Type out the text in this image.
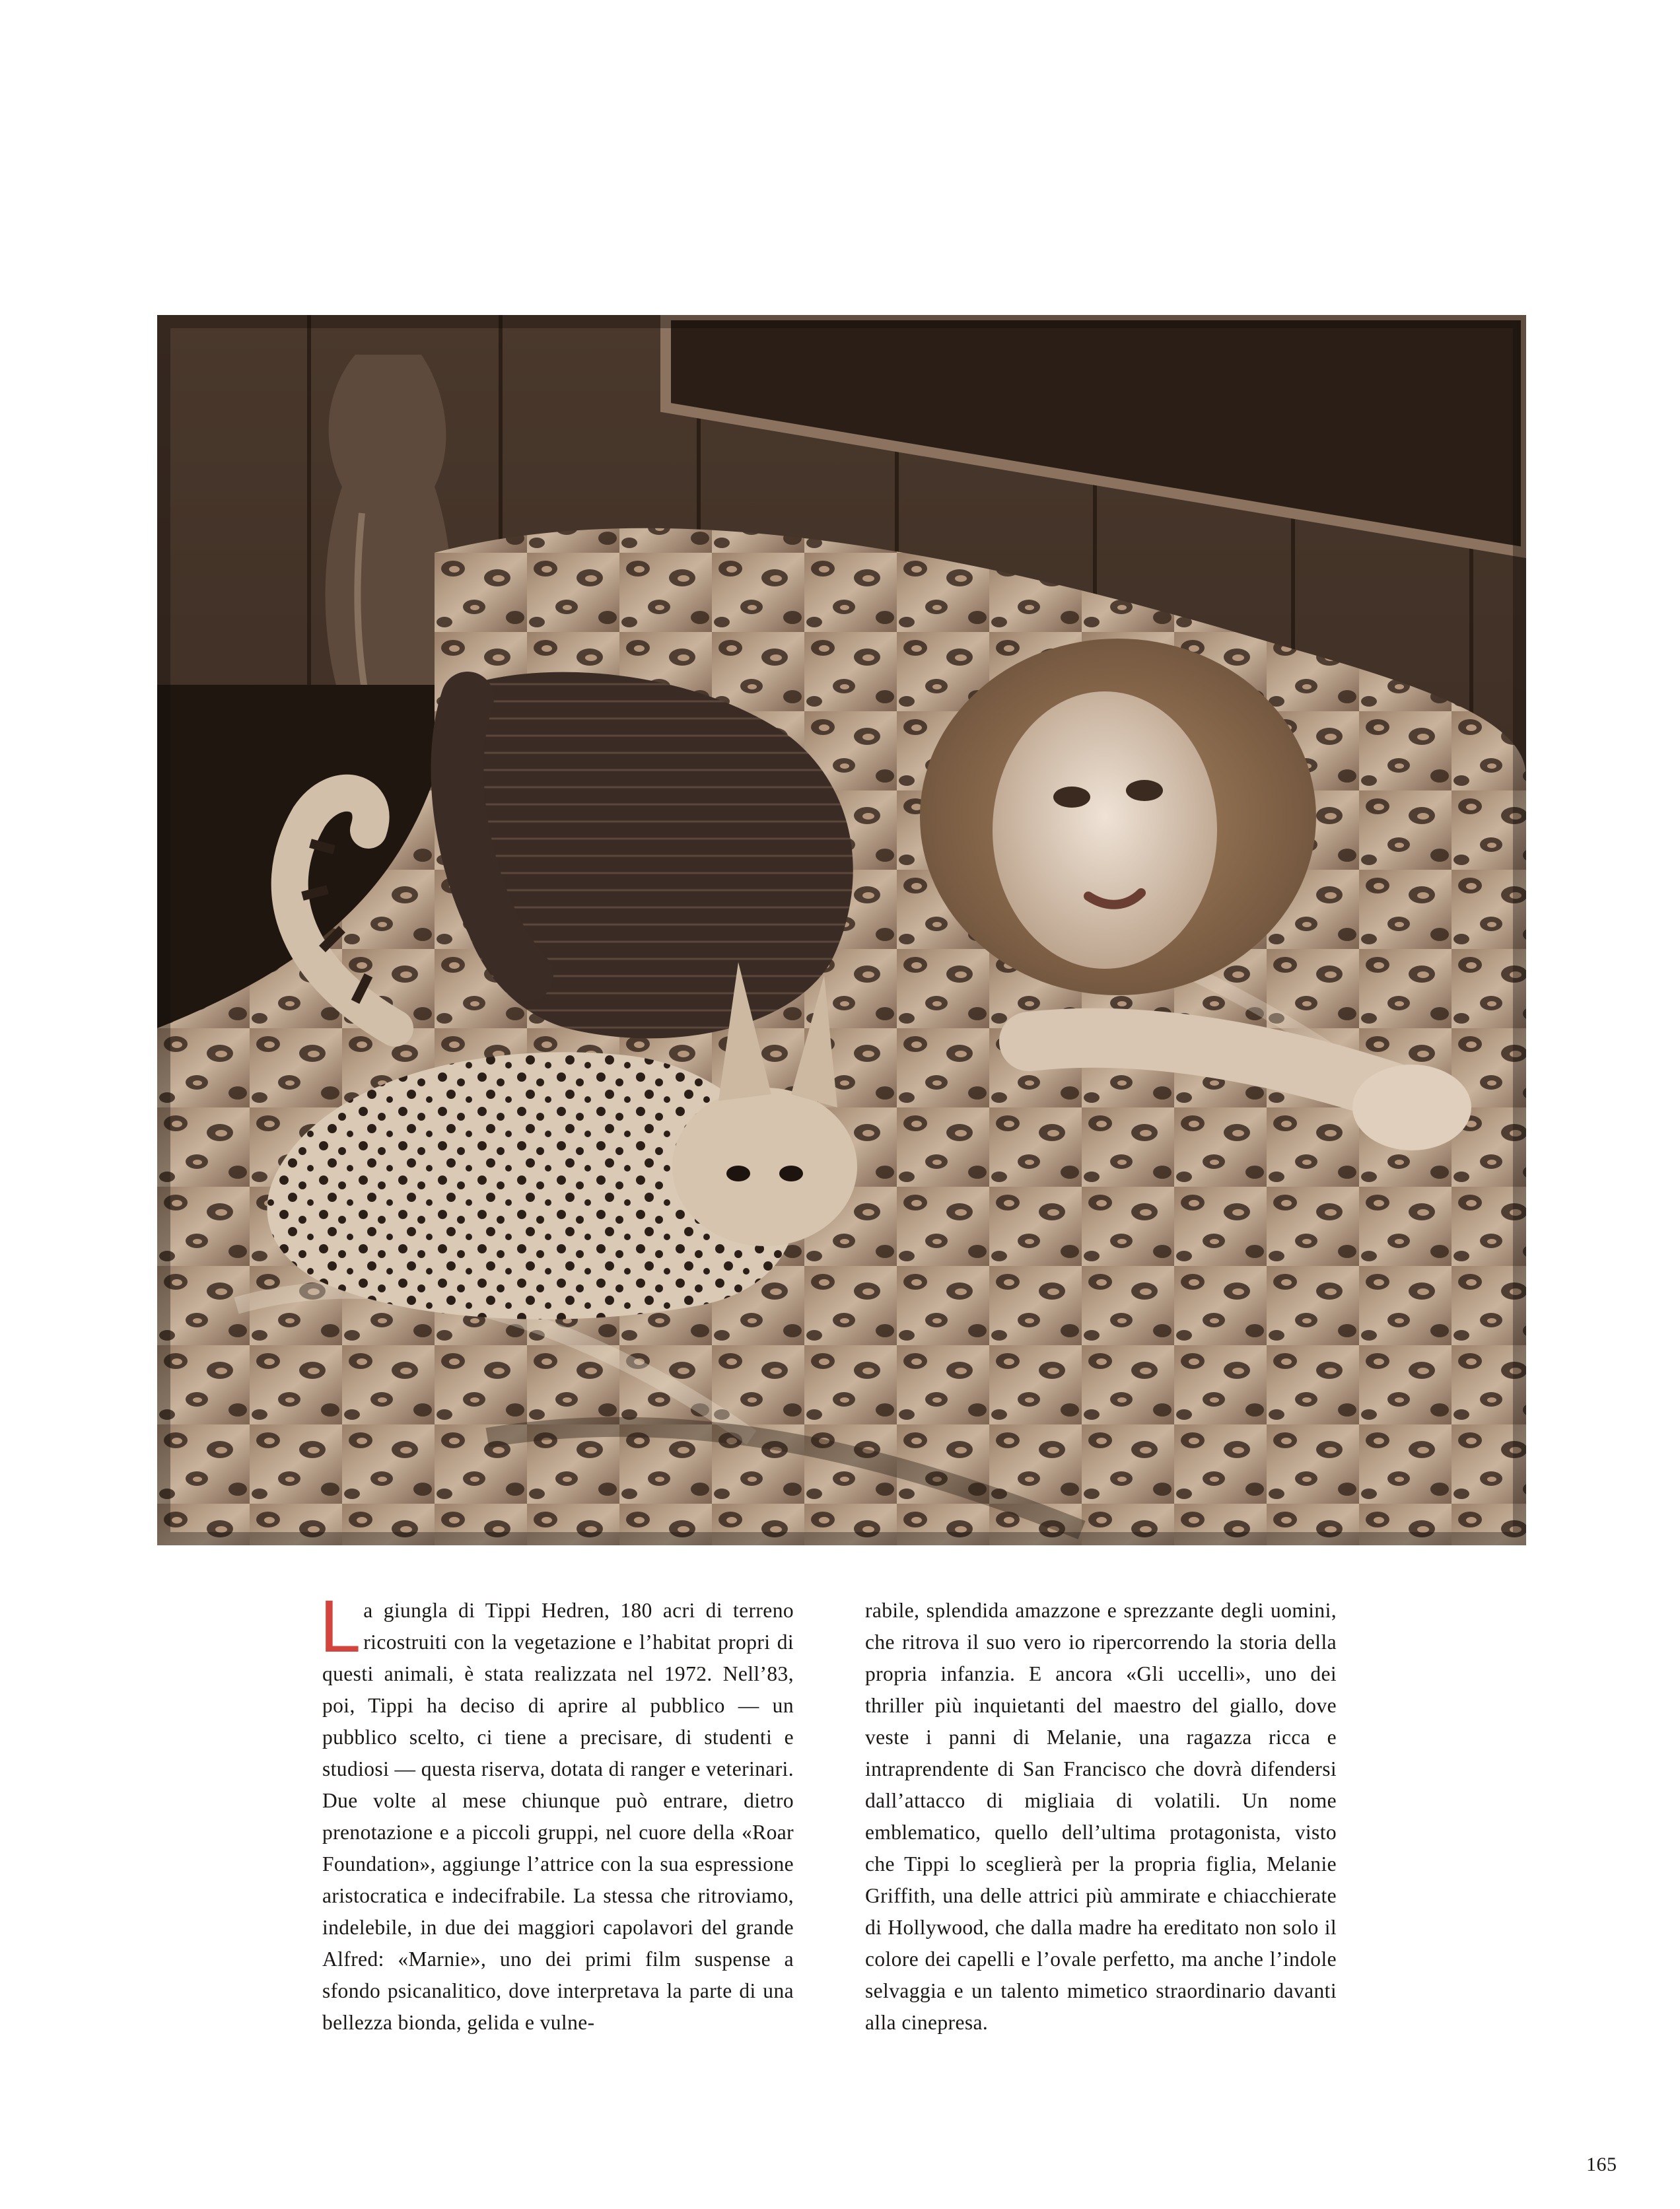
La giungla di Tippi Hedren, 180 acri di terreno ricostruiti con la vegetazione e l’habitat propri di questi animali, è stata realizzata nel 1972. Nell’83, poi, Tippi ha deciso di aprire al pubblico — un pubblico scelto, ci tiene a precisare, di studenti e studiosi — questa riserva, dotata di ranger e veterinari. Due volte al mese chiunque può entrare, dietro prenotazione e a piccoli gruppi, nel cuore della «Roar Foundation», aggiunge l’attrice con la sua espressione aristocratica e indecifrabile. La stessa che ritroviamo, indelebile, in due dei maggiori capolavori del grande Alfred: «Marnie», uno dei primi film suspense a sfondo psicanalitico, dove interpretava la parte di una bellezza bionda, gelida e vulne-

rabile, splendida amazzone e sprezzante degli uomini, che ritrova il suo vero io ripercorrendo la storia della propria infanzia. E ancora «Gli uccelli», uno dei thriller più inquietanti del maestro del giallo, dove veste i panni di Melanie, una ragazza ricca e intraprendente di San Francisco che dovrà difendersi dall’attacco di migliaia di volatili. Un nome emblematico, quello dell’ultima protagonista, visto che Tippi lo sceglierà per la propria figlia, Melanie Griffith, una delle attrici più ammirate e chiacchierate di Hollywood, che dalla madre ha ereditato non solo il colore dei capelli e l’ovale perfetto, ma anche l’indole selvaggia e un talento mimetico straordinario davanti alla cinepresa.

165
